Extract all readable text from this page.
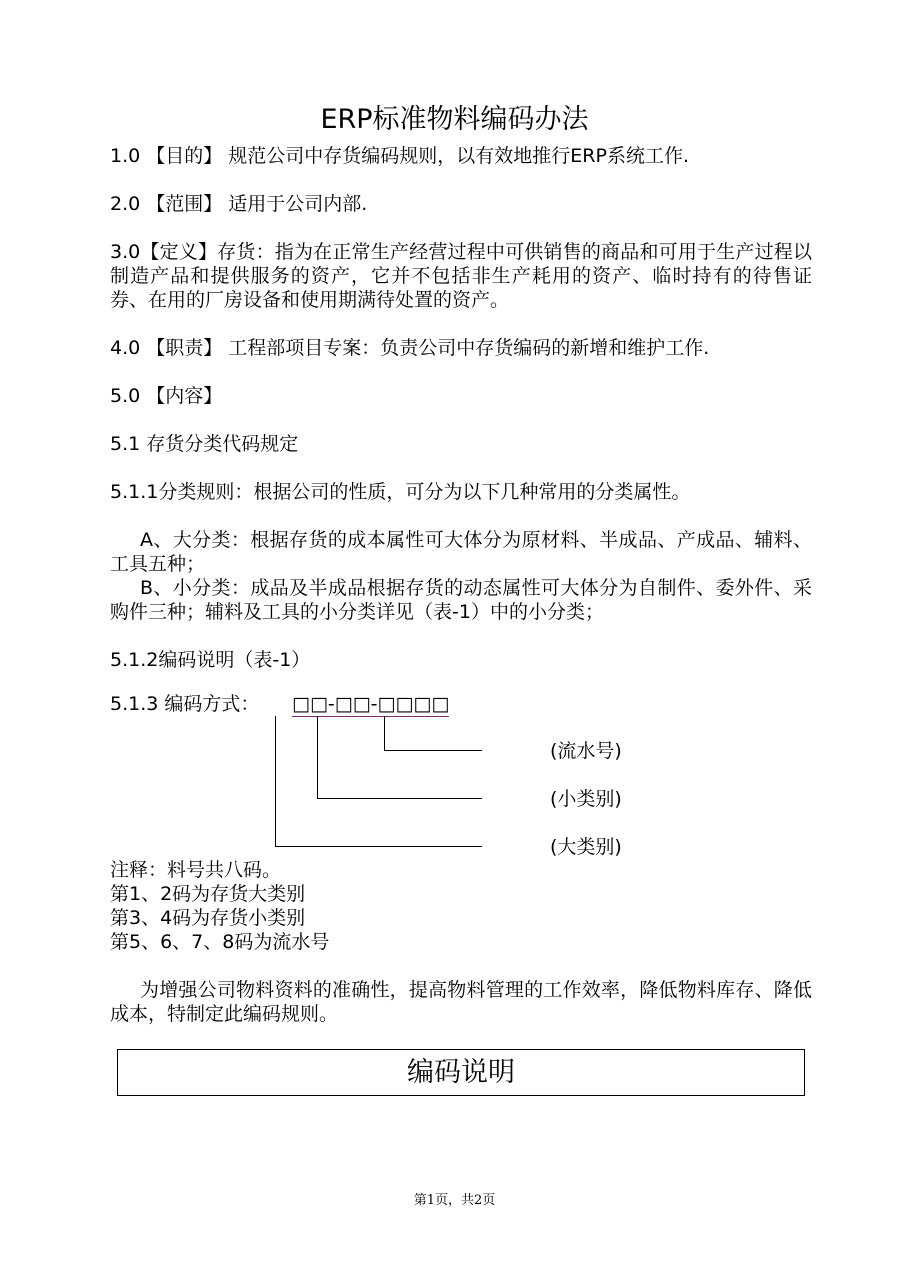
ERP标准物料编码办法
1.0 【目的】 规范公司中存货编码规则，以有效地推行ERP系统工作.
2.0 【范围】 适用于公司内部.
3.0【定义】存货：指为在正常生产经营过程中可供销售的商品和可用于生产过程以制造产品和提供服务的资产，它并不包括非生产耗用的资产、临时持有的待售证券、在用的厂房设备和使用期满待处置的资产。
4.0 【职责】 工程部项目专案：负责公司中存货编码的新增和维护工作.
5.0 【内容】
5.1 存货分类代码规定
5.1.1分类规则：根据公司的性质，可分为以下几种常用的分类属性。
A、大分类：根据存货的成本属性可大体分为原材料、半成品、产成品、辅料、工具五种；
B、小分类：成品及半成品根据存货的动态属性可大体分为自制件、委外件、采购件三种；辅料及工具的小分类详见（表-1）中的小分类；
5.1.2编码说明（表-1）
5.1.3 编码方式： □□-□□-□□□□
(流水号)
(小类别)
(大类别)
注释：料号共八码。
第1、2码为存货大类别
第3、4码为存货小类别
第5、6、7、8码为流水号
为增强公司物料资料的准确性，提高物料管理的工作效率，降低物料库存、降低成本，特制定此编码规则。
编码说明
第1页，共2页
